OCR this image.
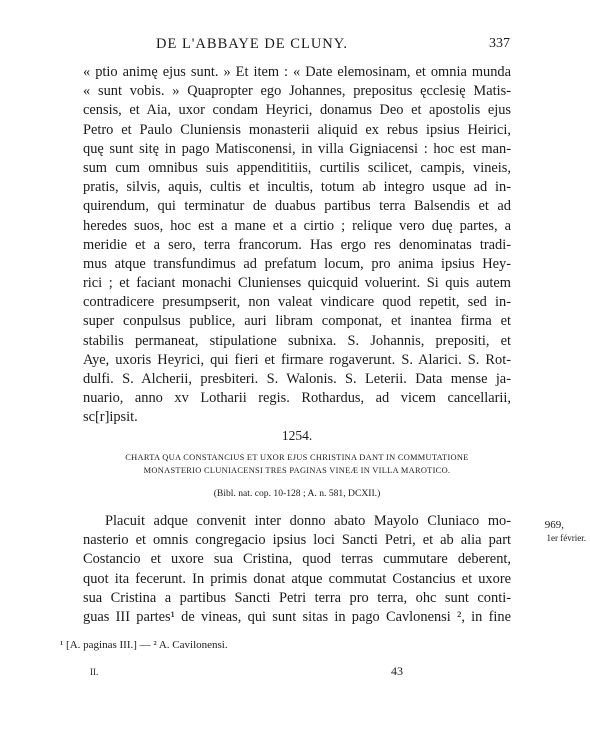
DE L'ABBAYE DE CLUNY.	337
« ptio animę ejus sunt. » Et item : « Date elemosinam, et omnia munda
« sunt vobis. » Quapropter ego Johannes, prepositus ęcclesię Matis-
censis, et Aia, uxor condam Heyrici, donamus Deo et apostolis ejus
Petro et Paulo Cluniensis monasterii aliquid ex rebus ipsius Heirici,
quę sunt sitę in pago Matisconensi, in villa Gigniacensi : hoc est man-
sum cum omnibus suis appendititiis, curtilis scilicet, campis, vineis,
pratis, silvis, aquis, cultis et incultis, totum ab integro usque ad in-
quirendum, qui terminatur de duabus partibus terra Balsendis et ad
heredes suos, hoc est a mane et a cirtio ; relique vero duę partes, a
meridie et a sero, terra francorum. Has ergo res denominatas tradi-
mus atque transfundimus ad prefatum locum, pro anima ipsius Hey-
rici ; et faciant monachi Clunienses quicquid voluerint. Si quis autem
contradicere presumpserit, non valeat vindicare quod repetit, sed in-
super conpulsus publice, auri libram componat, et inantea firma et
stabilis permaneat, stipulatione subnixa. S. Johannis, prepositi, et
Aye, uxoris Heyrici, qui fieri et firmare rogaverunt. S. Alarici. S. Rot-
dulfi. S. Alcherii, presbiteri. S. Walonis. S. Leterii. Data mense ja-
nuario, anno xv Lotharii regis. Rothardus, ad vicem cancellarii,
sc[r]ipsit.
1254.
CHARTA QUA CONSTANCIUS ET UXOR EJUS CHRISTINA DANT IN COMMUTATIONE
MONASTERIO CLUNIACENSI TRES PAGINAS VINEÆ IN VILLA MAROTICO.
(Bibl. nat. cop. 10-128 ; A. n. 581, DCXII.)
969,
1er février.
Placuit adque convenit inter donno abato Mayolo Cluniaco mo-
nasterio et omnis congregacio ipsius loci Sancti Petri, et ab alia part
Costancio et uxore sua Cristina, quod terras cummutare deberent,
quot ita fecerunt. In primis donat atque commutat Costancius et uxore
sua Cristina a partibus Sancti Petri terra pro terra, ohc sunt conti-
guas III partes¹ de vineas, qui sunt sitas in pago Cavlonensi ², in fine
¹ [A. paginas III.] — ² A. Cavilonensi.
II.	43
